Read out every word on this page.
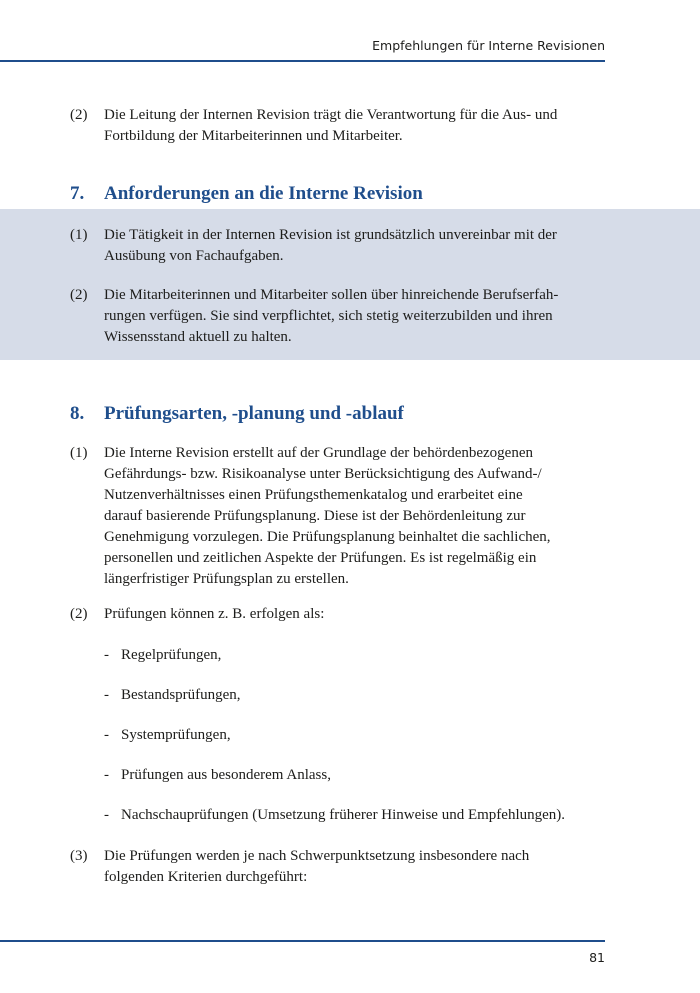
Empfehlungen für Interne Revisionen
(2) Die Leitung der Internen Revision trägt die Verantwortung für die Aus- und
Fortbildung der Mitarbeiterinnen und Mitarbeiter.
7. Anforderungen an die Interne Revision
(1) Die Tätigkeit in der Internen Revision ist grundsätzlich unvereinbar mit der
Ausübung von Fachaufgaben.
(2) Die Mitarbeiterinnen und Mitarbeiter sollen über hinreichende Berufserfah-
rungen verfügen. Sie sind verpflichtet, sich stetig weiterzubilden und ihren
Wissensstand aktuell zu halten.
8. Prüfungsarten, -planung und -ablauf
(1) Die Interne Revision erstellt auf der Grundlage der behördenbezogenen
Gefährdungs- bzw. Risikoanalyse unter Berücksichtigung des Aufwand-/
Nutzenverhältnisses einen Prüfungsthemenkatalog und erarbeitet eine
darauf basierende Prüfungsplanung. Diese ist der Behördenleitung zur
Genehmigung vorzulegen. Die Prüfungsplanung beinhaltet die sachlichen,
personellen und zeitlichen Aspekte der Prüfungen. Es ist regelmäßig ein
längerfristiger Prüfungsplan zu erstellen.
(2) Prüfungen können z. B. erfolgen als:
- Regelprüfungen,
- Bestandsprüfungen,
- Systemprüfungen,
- Prüfungen aus besonderem Anlass,
- Nachschauprüfungen (Umsetzung früherer Hinweise und Empfehlungen).
(3) Die Prüfungen werden je nach Schwerpunktsetzung insbesondere nach
folgenden Kriterien durchgeführt:
81
